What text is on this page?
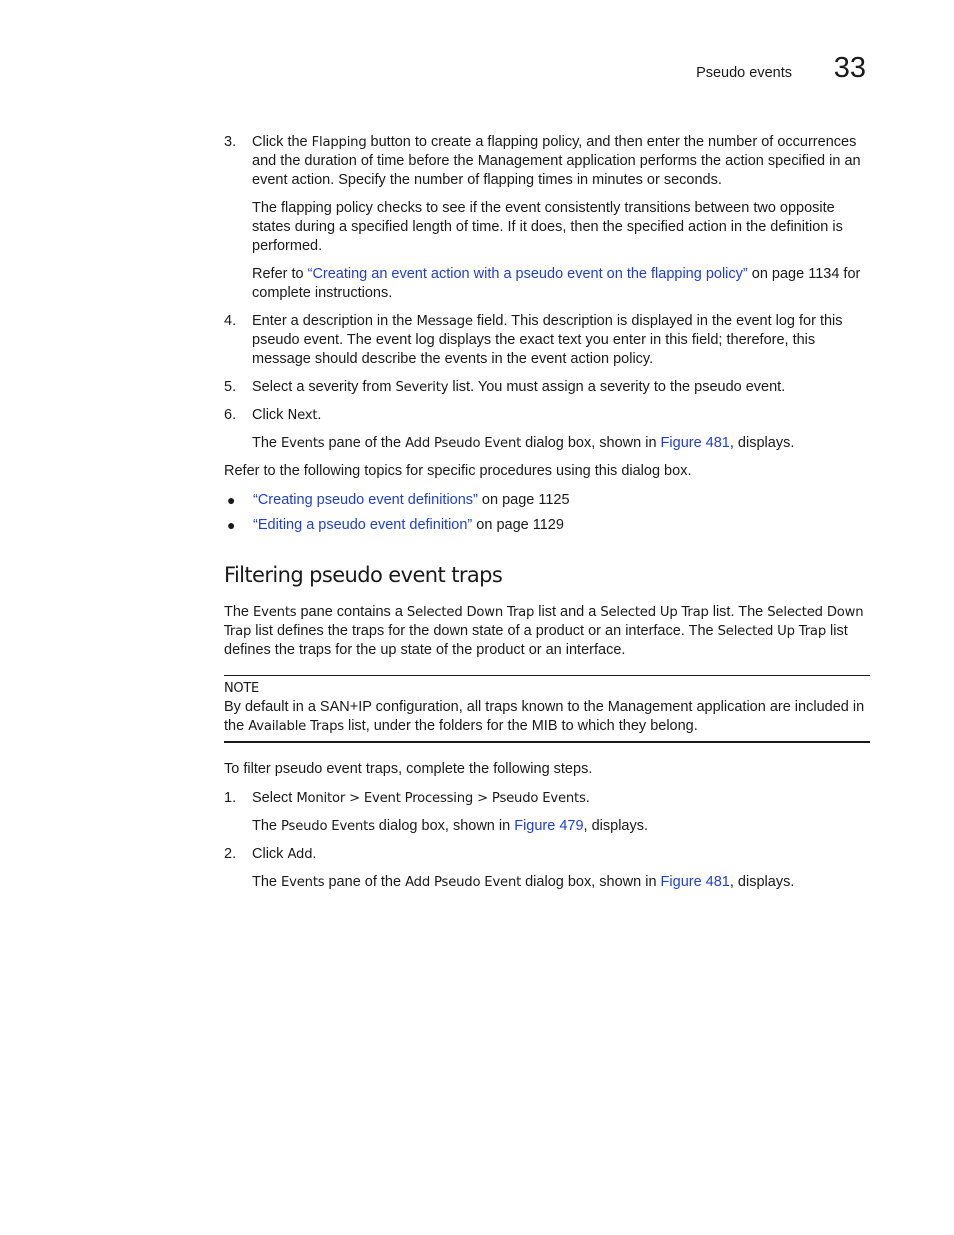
Pseudo events 33
3. Click the Flapping button to create a flapping policy, and then enter the number of occurrences and the duration of time before the Management application performs the action specified in an event action. Specify the number of flapping times in minutes or seconds.

The flapping policy checks to see if the event consistently transitions between two opposite states during a specified length of time. If it does, then the specified action in the definition is performed.

Refer to “Creating an event action with a pseudo event on the flapping policy” on page 1134 for complete instructions.

4. Enter a description in the Message field. This description is displayed in the event log for this pseudo event. The event log displays the exact text you enter in this field; therefore, this message should describe the events in the event action policy.
5. Select a severity from Severity list. You must assign a severity to the pseudo event.
6. Click Next.

The Events pane of the Add Pseudo Event dialog box, shown in Figure 481, displays.

Refer to the following topics for specific procedures using this dialog box.

● “Creating pseudo event definitions” on page 1125
● “Editing a pseudo event definition” on page 1129
Filtering pseudo event traps

The Events pane contains a Selected Down Trap list and a Selected Up Trap list. The Selected Down Trap list defines the traps for the down state of a product or an interface. The Selected Up Trap list defines the traps for the up state of the product or an interface.

NOTE

By default in a SAN+IP configuration, all traps known to the Management application are included in the Available Traps list, under the folders for the MIB to which they belong.

To filter pseudo event traps, complete the following steps.

1. Select Monitor > Event Processing > Pseudo Events.

The Pseudo Events dialog box, shown in Figure 479, displays.

2. Click Add.

The Events pane of the Add Pseudo Event dialog box, shown in Figure 481, displays.
